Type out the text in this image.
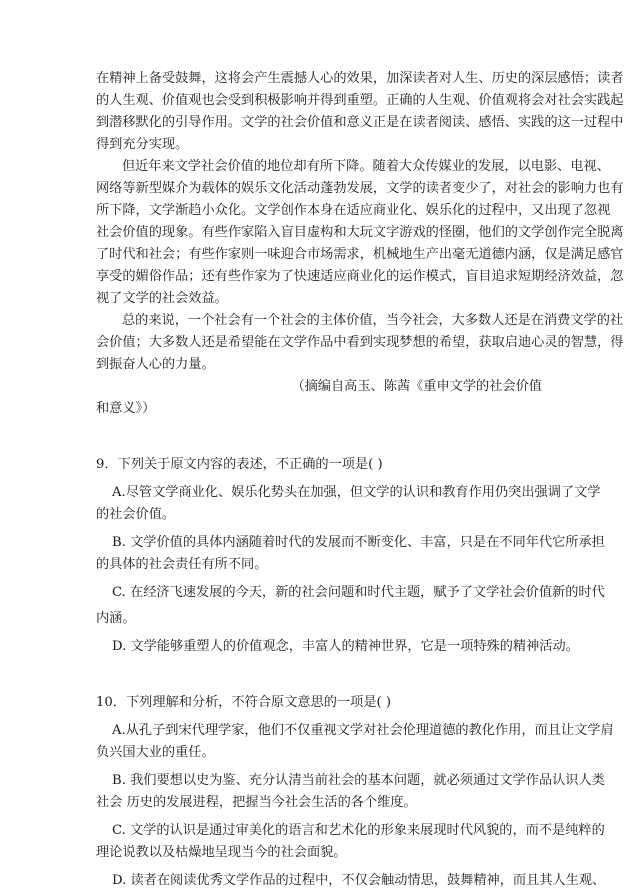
在精神上备受鼓舞，这将会产生震撼人心的效果，加深读者对人生、历史的深层感悟；读者
的人生观、价值观也会受到积极影响并得到重塑。正确的人生观、价值观将会对社会实践起
到潜移默化的引导作用。文学的社会价值和意义正是在读者阅读、感悟、实践的这一过程中
得到充分实现。
但近年来文学社会价值的地位却有所下降。随着大众传媒业的发展，以电影、电视、
网络等新型媒介为载体的娱乐文化活动蓬勃发展，文学的读者变少了，对社会的影响力也有
所下降，文学渐趋小众化。文学创作本身在适应商业化、娱乐化的过程中，又出现了忽视
社会价值的现象。有些作家陷入盲目虚构和大玩文字游戏的怪圈，他们的文学创作完全脱离
了时代和社会；有些作家则一味迎合市场需求，机械地生产出毫无道德内涵，仅是满足感官
享受的媚俗作品；还有些作家为了快速适应商业化的运作模式，盲目追求短期经济效益，忽
视了文学的社会效益。
总的来说，一个社会有一个社会的主体价值，当今社会，大多数人还是在消费文学的社
会价值；大多数人还是希望能在文学作品中看到实现梦想的希望，获取启迪心灵的智慧，得
到振奋人心的力量。
（摘编自高玉、陈茜《重申文学的社会价值
和意义》）
9．下列关于原文内容的表述，不正确的一项是( )
A.尽管文学商业化、娱乐化势头在加强，但文学的认识和教育作用仍突出强调了文学
的社会价值。
B. 文学价值的具体内涵随着时代的发展而不断变化、丰富，只是在不同年代它所承担
的具体的社会责任有所不同。
C. 在经济飞速发展的今天，新的社会问题和时代主题，赋予了文学社会价值新的时代
内涵。
D. 文学能够重塑人的价值观念，丰富人的精神世界，它是一项特殊的精神活动。
10．下列理解和分析，不符合原文意思的一项是( )
A.从孔子到宋代理学家，他们不仅重视文学对社会伦理道德的教化作用，而且让文学肩
负兴国大业的重任。
B. 我们要想以史为鉴、充分认清当前社会的基本问题，就必须通过文学作品认识人类
社会 历史的发展进程，把握当今社会生活的各个维度。
C. 文学的认识是通过审美化的语言和艺术化的形象来展现时代风貌的，而不是纯粹的
理论说教以及枯燥地呈现当今的社会面貌。
D. 读者在阅读优秀文学作品的过程中，不仅会触动情思，鼓舞精神，而且其人生观、
